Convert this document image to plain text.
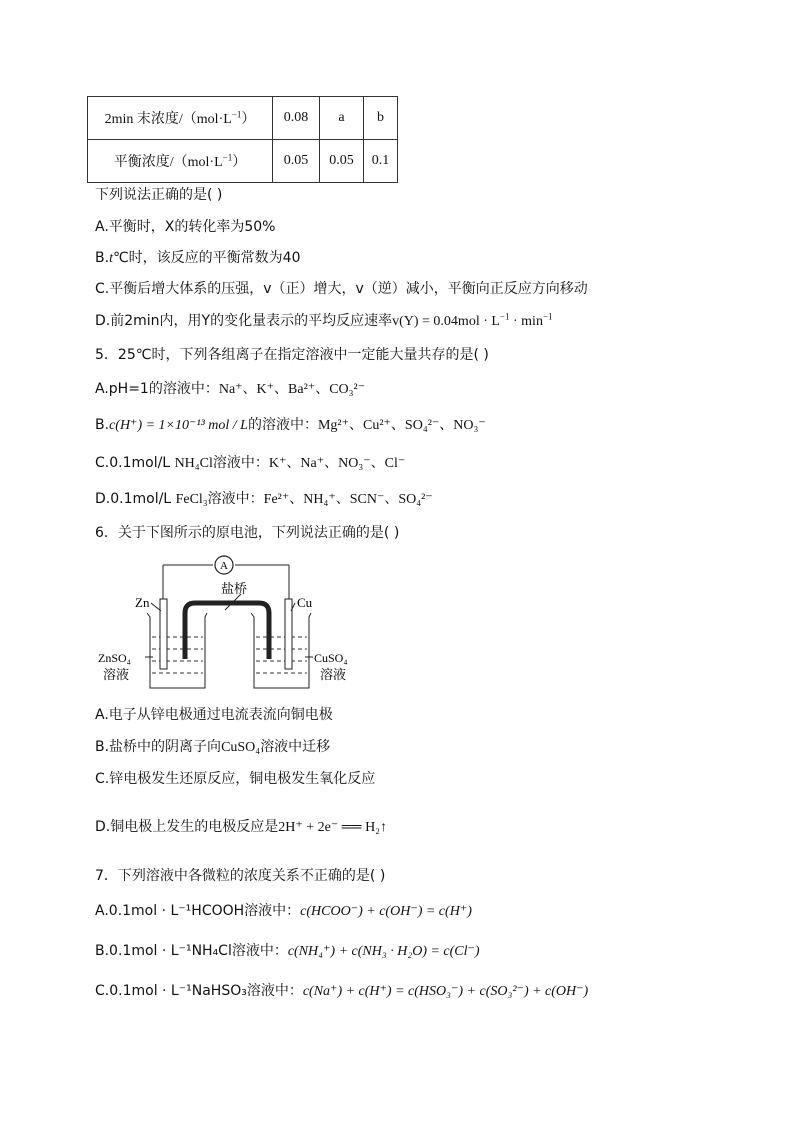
2min 末浓度$/(mol\cdot L^{-1})$	0.08	a	b
平衡浓度$/(mol\cdot L^{-1})$	0.05	0.05	0.1
下列说法正确的是( )
A.平衡时，X的转化率为50%
B.t℃时，该反应的平衡常数为40
C.平衡后增大体系的压强，v（正）增大，v（逆）减小，平衡向正反应方向移动
D.前2min内，用Y的变化量表示的平均反应速率$v(Y) = 0.04mol \cdot L^{-1} \cdot \min^{-1}$
5．25℃时，下列各组离子在指定溶液中一定能大量共存的是( )
A.pH=1的溶液中：Na⁺、K⁺、Ba²⁺、CO₃²⁻
B.c(H⁺) = 1×10⁻¹³ mol / L的溶液中：Mg²⁺、Cu²⁺、SO₄²⁻、NO₃⁻
C.0.1mol/L NH₄Cl溶液中：K⁺、Na⁺、NO₃⁻、Cl⁻
D.0.1mol/L FeCl₃溶液中：Fe²⁺、NH₄⁺、SCN⁻、SO₄²⁻
6．关于下图所示的原电池，下列说法正确的是( )
A
盐桥
Zn	Cu
ZnSO₄
溶液
CuSO₄
溶液
A.电子从锌电极通过电流表流向铜电极
B.盐桥中的阴离子向CuSO₄溶液中迁移
C.锌电极发生还原反应，铜电极发生氧化反应
D.铜电极上发生的电极反应是2H⁺ + 2e⁻ ══ H₂↑
7．下列溶液中各微粒的浓度关系不正确的是( )
A.0.1mol · L⁻¹HCOOH溶液中：c(HCOO⁻) + c(OH⁻) = c(H⁺)
B.0.1mol · L⁻¹NH₄Cl溶液中：c(NH₄⁺) + c(NH₃ · H₂O) = c(Cl⁻)
C.0.1mol · L⁻¹NaHSO₃溶液中：c(Na⁺) + c(H⁺) = c(HSO₃⁻) + c(SO₃²⁻) + c(OH⁻)
